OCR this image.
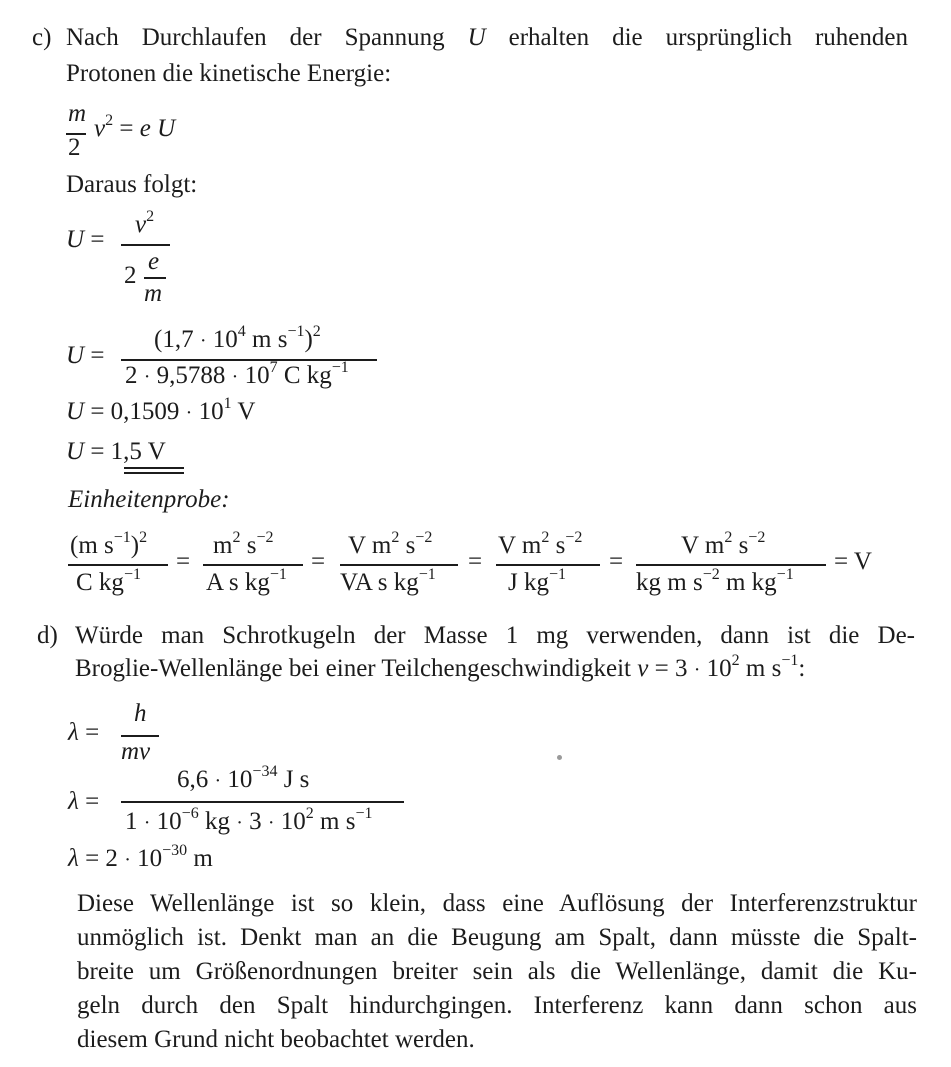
c) Nach Durchlaufen der Spannung U erhalten die ursprünglich ruhenden
Protonen die kinetische Energie:
m
2
$v^2 = e$ U
Daraus folgt:
U =
$v^2$
2
e
m
U =
($1,7 \cdot 10^4$ m $s^{-1})^2$
$2 \cdot 9,5788 \cdot 10^7$ C $kg^{-1}$
$U = 0,1509 \cdot 10^1$ V
U = 1,5 V
Einheitenprobe:
(m $s^{-1})^2$
C $kg^{-1}$ =
$m^2$ $s^{-2}$
A s $kg^{-1}$ =
V $m^2$ $s^{-2}$
VA s $kg^{-1}$ =
V $m^2$ $s^{-2}$
J $kg^{-1}$ =
V $m^2$ $s^{-2}$
kg m $s^{-2}$ m $kg^{-1} = V$
d) Würde man Schrotkugeln der Masse 1 mg verwenden, dann ist die De-
Broglie-Wellenlänge bei einer Teilchengeschwindigkeit $v = 3 \cdot 10^2$ m $s^{-1}$:
λ =
h
mv
λ =
$6,6 \cdot 10^{-34}$ J s
$1 \cdot 10^{-6}$ kg · $3 \cdot 10^2$ m $s^{-1}$
$\lambda = 2 \cdot 10^{-30}$ m
Diese Wellenlänge ist so klein, dass eine Auflösung der Interferenzstruktur
unmöglich ist. Denkt man an die Beugung am Spalt, dann müsste die Spalt-
breite um Größenordnungen breiter sein als die Wellenlänge, damit die Ku-
geln durch den Spalt hindurchgingen. Interferenz kann dann schon aus
diesem Grund nicht beobachtet werden.
